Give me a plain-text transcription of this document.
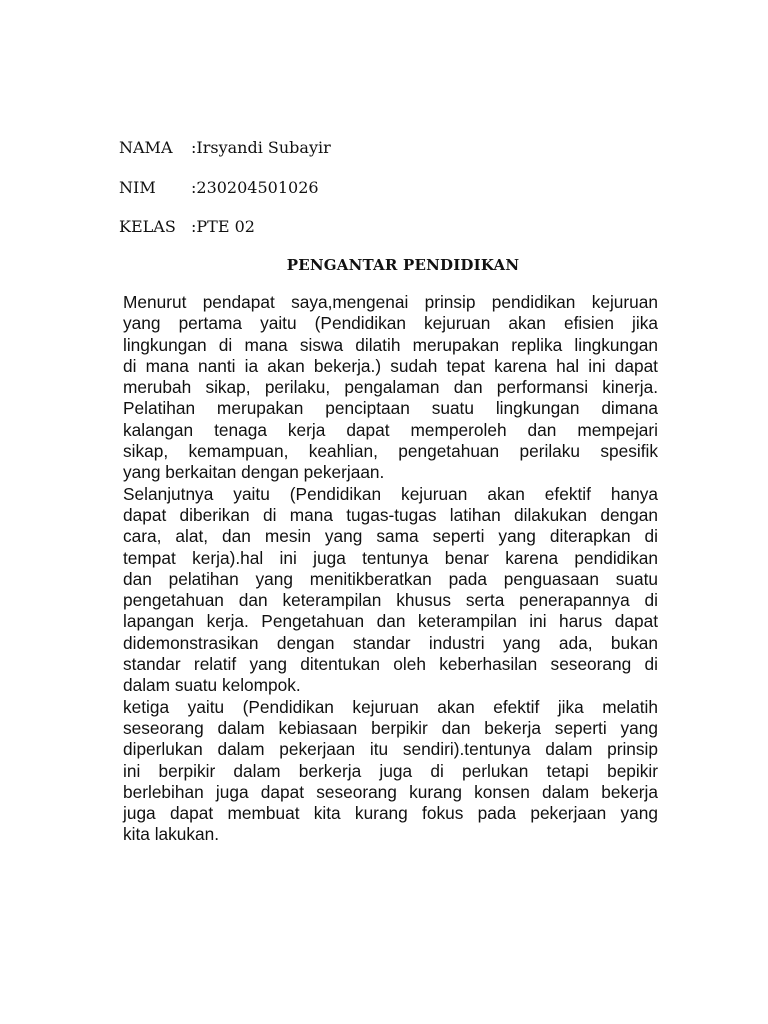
NAMA :Irsyandi Subayir
NIM :230204501026
KELAS :PTE 02
PENGANTAR PENDIDIKAN
Menurut pendapat saya,mengenai prinsip pendidikan kejuruan
yang pertama yaitu (Pendidikan kejuruan akan efisien jika
lingkungan di mana siswa dilatih merupakan replika lingkungan
di mana nanti ia akan bekerja.) sudah tepat karena hal ini dapat
merubah sikap, perilaku, pengalaman dan performansi kinerja.
Pelatihan merupakan penciptaan suatu lingkungan dimana
kalangan tenaga kerja dapat memperoleh dan mempejari
sikap, kemampuan, keahlian, pengetahuan perilaku spesifik
yang berkaitan dengan pekerjaan.
Selanjutnya yaitu (Pendidikan kejuruan akan efektif hanya
dapat diberikan di mana tugas-tugas latihan dilakukan dengan
cara, alat, dan mesin yang sama seperti yang diterapkan di
tempat kerja).hal ini juga tentunya benar karena pendidikan
dan pelatihan yang menitikberatkan pada penguasaan suatu
pengetahuan dan keterampilan khusus serta penerapannya di
lapangan kerja. Pengetahuan dan keterampilan ini harus dapat
didemonstrasikan dengan standar industri yang ada, bukan
standar relatif yang ditentukan oleh keberhasilan seseorang di
dalam suatu kelompok.
ketiga yaitu (Pendidikan kejuruan akan efektif jika melatih
seseorang dalam kebiasaan berpikir dan bekerja seperti yang
diperlukan dalam pekerjaan itu sendiri).tentunya dalam prinsip
ini berpikir dalam berkerja juga di perlukan tetapi bepikir
berlebihan juga dapat seseorang kurang konsen dalam bekerja
juga dapat membuat kita kurang fokus pada pekerjaan yang
kita lakukan.
